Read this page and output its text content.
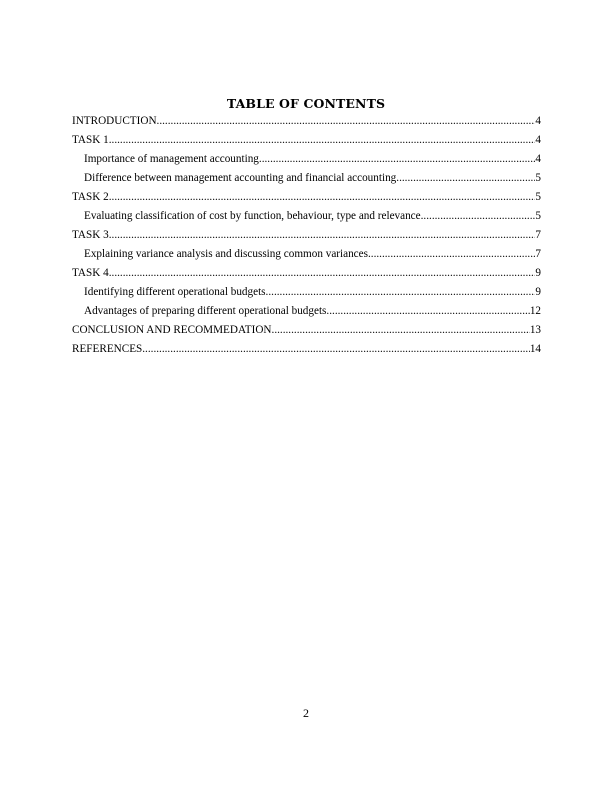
TABLE OF CONTENTS
INTRODUCTION .....	4
TASK 1 .....	4
Importance of management accounting .....	4
Difference between management accounting and financial accounting .....	5
TASK 2 .....	5
Evaluating classification of cost by function, behaviour, type and relevance .....	5
TASK 3 .....	7
Explaining variance analysis and discussing common variances .....	7
TASK 4 .....	9
Identifying different operational budgets .....	9
Advantages of preparing different operational budgets .....	12
CONCLUSION AND RECOMMEDATION .....	13
REFERENCES .....	14
2
